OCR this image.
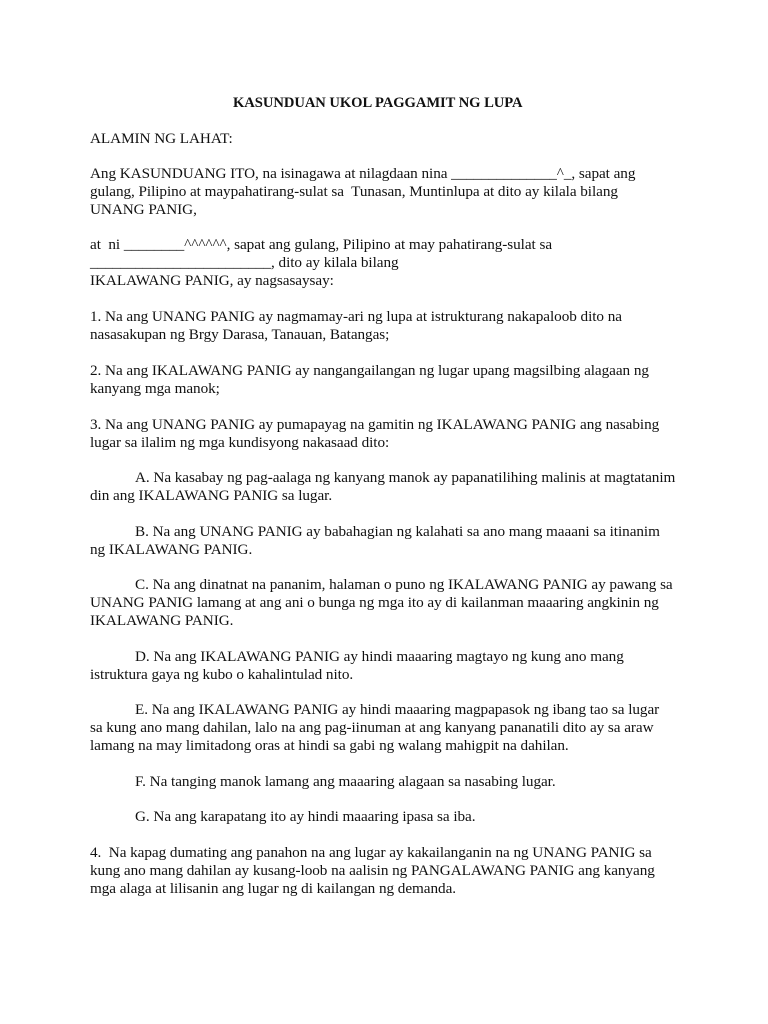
KASUNDUAN UKOL PAGGAMIT NG LUPA
ALAMIN NG LAHAT:
Ang KASUNDUANG ITO, na isinagawa at nilagdaan nina ______________^_, sapat ang
gulang, Pilipino at maypahatirang-sulat sa  Tunasan, Muntinlupa at dito ay kilala bilang
UNANG PANIG,
at  ni ________^^^^^^, sapat ang gulang, Pilipino at may pahatirang-sulat sa
________________________, dito ay kilala bilang
IKALAWANG PANIG, ay nagsasaysay:
1. Na ang UNANG PANIG ay nagmamay-ari ng lupa at istrukturang nakapaloob dito na
nasasakupan ng Brgy Darasa, Tanauan, Batangas;
2. Na ang IKALAWANG PANIG ay nangangailangan ng lugar upang magsilbing alagaan ng
kanyang mga manok;
3. Na ang UNANG PANIG ay pumapayag na gamitin ng IKALAWANG PANIG ang nasabing
lugar sa ilalim ng mga kundisyong nakasaad dito:
A. Na kasabay ng pag-aalaga ng kanyang manok ay papanatilihing malinis at magtatanim
din ang IKALAWANG PANIG sa lugar.
B. Na ang UNANG PANIG ay babahagian ng kalahati sa ano mang maaani sa itinanim
ng IKALAWANG PANIG.
C. Na ang dinatnat na pananim, halaman o puno ng IKALAWANG PANIG ay pawang sa
UNANG PANIG lamang at ang ani o bunga ng mga ito ay di kailanman maaaring angkinin ng
IKALAWANG PANIG.
D. Na ang IKALAWANG PANIG ay hindi maaaring magtayo ng kung ano mang
istruktura gaya ng kubo o kahalintulad nito.
E. Na ang IKALAWANG PANIG ay hindi maaaring magpapasok ng ibang tao sa lugar
sa kung ano mang dahilan, lalo na ang pag-iinuman at ang kanyang pananatili dito ay sa araw
lamang na may limitadong oras at hindi sa gabi ng walang mahigpit na dahilan.
F. Na tanging manok lamang ang maaaring alagaan sa nasabing lugar.
G. Na ang karapatang ito ay hindi maaaring ipasa sa iba.
4.  Na kapag dumating ang panahon na ang lugar ay kakailanganin na ng UNANG PANIG sa
kung ano mang dahilan ay kusang-loob na aalisin ng PANGALAWANG PANIG ang kanyang
mga alaga at lilisanin ang lugar ng di kailangan ng demanda.
